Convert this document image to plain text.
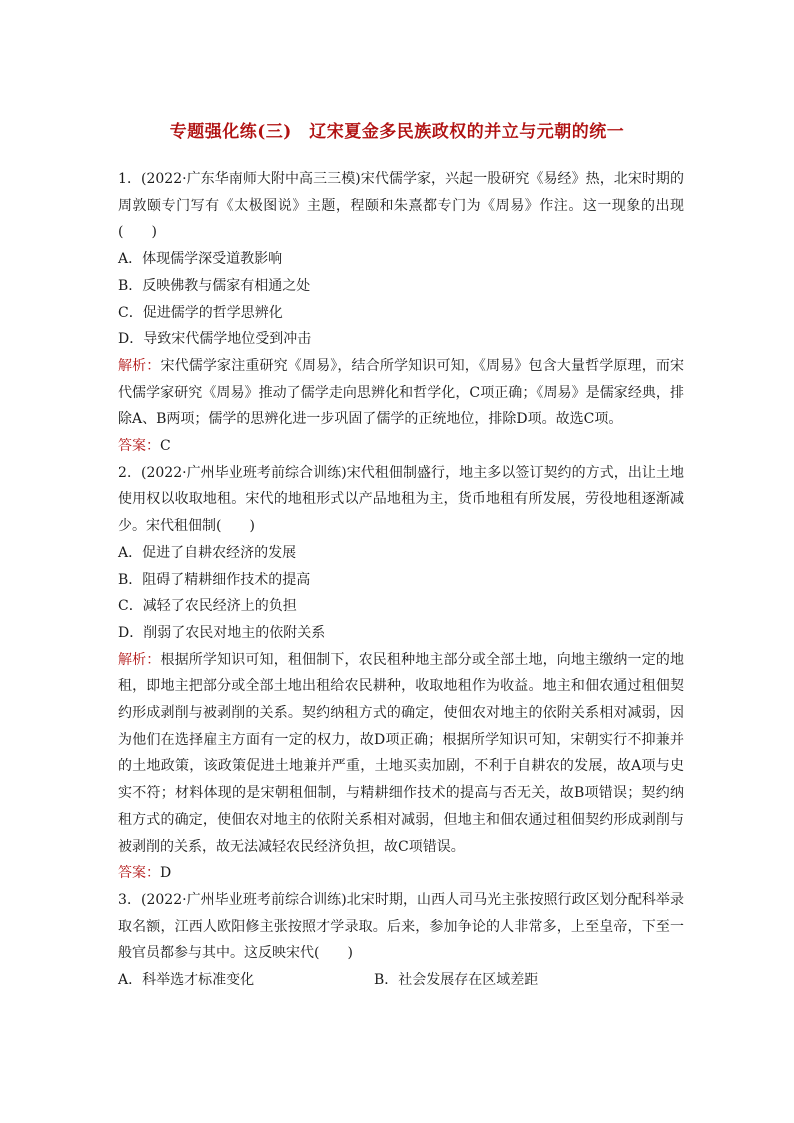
专题强化练(三)　辽宋夏金多民族政权的并立与元朝的统一

1．(2022·广东华南师大附中高三三模)宋代儒学家，兴起一股研究《易经》热，北宋时期的周敦颐专门写有《太极图说》主题，程颐和朱熹都专门为《周易》作注。这一现象的出现(　　)

A．体现儒学深受道教影响

B．反映佛教与儒家有相通之处

C．促进儒学的哲学思辨化

D．导致宋代儒学地位受到冲击

解析：宋代儒学家注重研究《周易》，结合所学知识可知，《周易》包含大量哲学原理，而宋代儒学家研究《周易》推动了儒学走向思辨化和哲学化，C项正确；《周易》是儒家经典，排除A、B两项；儒学的思辨化进一步巩固了儒学的正统地位，排除D项。故选C项。

答案：C

2．(2022·广州毕业班考前综合训练)宋代租佃制盛行，地主多以签订契约的方式，出让土地使用权以收取地租。宋代的地租形式以产品地租为主，货币地租有所发展，劳役地租逐渐减少。宋代租佃制(　　)

A．促进了自耕农经济的发展

B．阻碍了精耕细作技术的提高

C．减轻了农民经济上的负担

D．削弱了农民对地主的依附关系

解析：根据所学知识可知，租佃制下，农民租种地主部分或全部土地，向地主缴纳一定的地租，即地主把部分或全部土地出租给农民耕种，收取地租作为收益。地主和佃农通过租佃契约形成剥削与被剥削的关系。契约纳租方式的确定，使佃农对地主的依附关系相对减弱，因为他们在选择雇主方面有一定的权力，故D项正确；根据所学知识可知，宋朝实行不抑兼并的土地政策，该政策促进土地兼并严重，土地买卖加剧，不利于自耕农的发展，故A项与史实不符；材料体现的是宋朝租佃制，与精耕细作技术的提高与否无关，故B项错误；契约纳租方式的确定，使佃农对地主的依附关系相对减弱，但地主和佃农通过租佃契约形成剥削与被剥削的关系，故无法减轻农民经济负担，故C项错误。

答案：D

3．(2022·广州毕业班考前综合训练)北宋时期，山西人司马光主张按照行政区划分配科举录取名额，江西人欧阳修主张按照才学录取。后来，参加争论的人非常多，上至皇帝，下至一般官员都参与其中。这反映宋代(　　)

A．科举选才标准变化	B．社会发展存在区域差距
